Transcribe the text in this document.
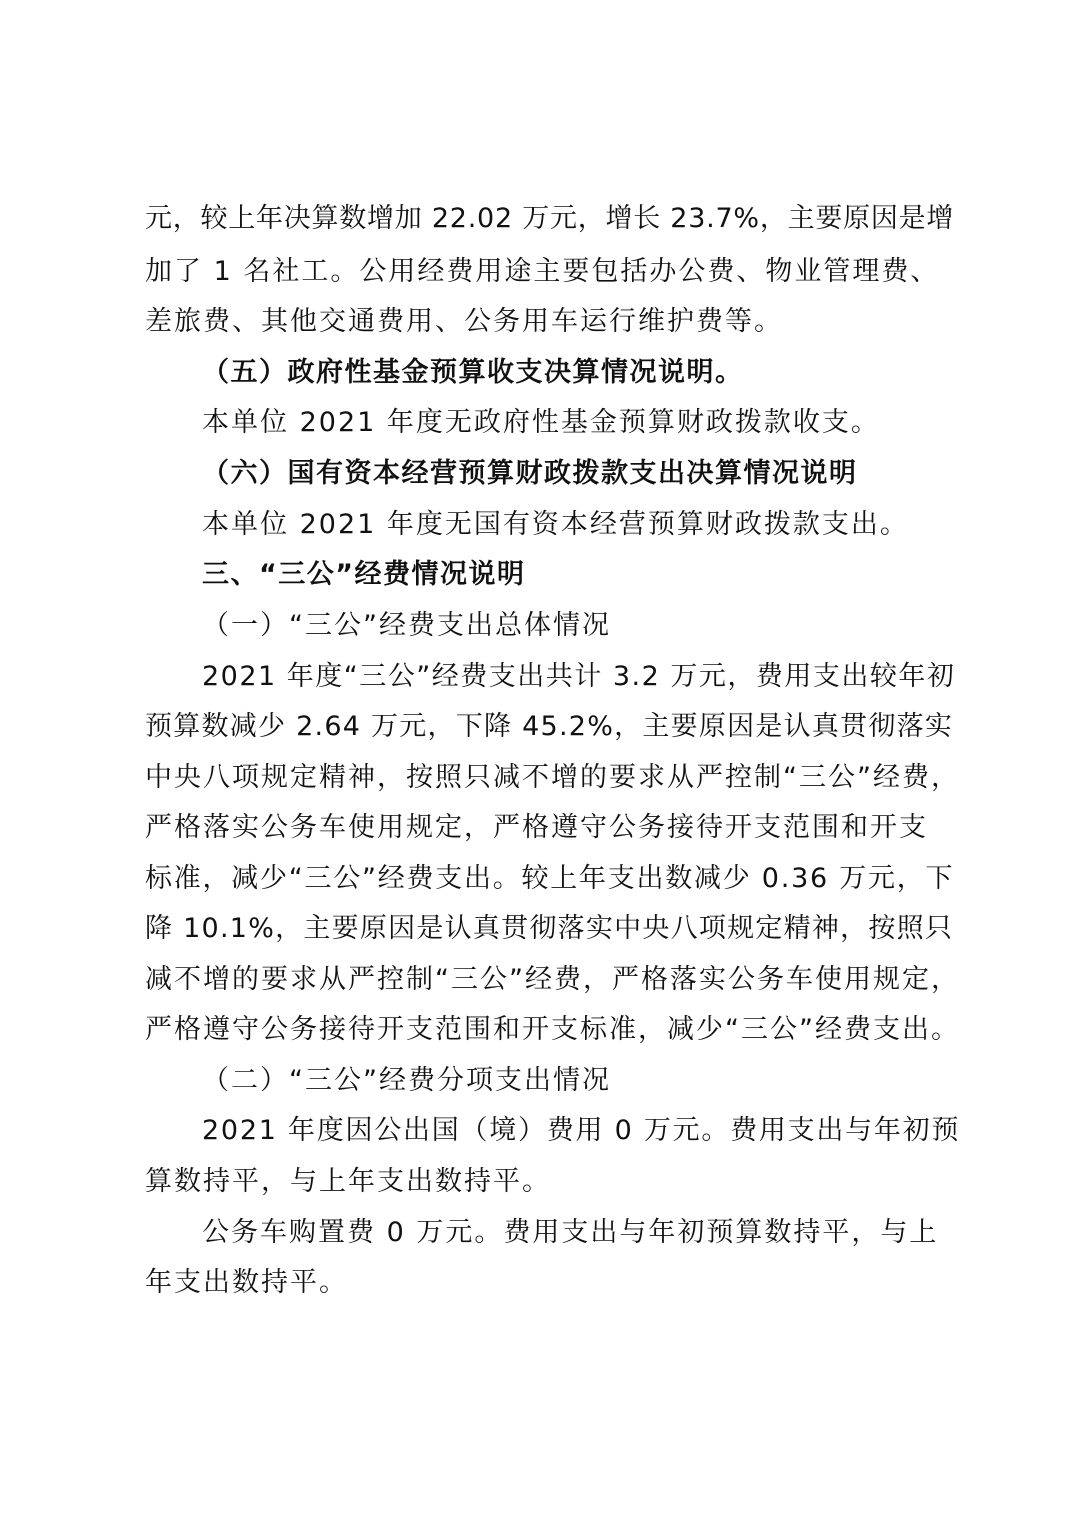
元，较上年决算数增加 22.02 万元，增长 23.7%，主要原因是增
加了 1 名社工。公用经费用途主要包括办公费、物业管理费、
差旅费、其他交通费用、公务用车运行维护费等。
（五）政府性基金预算收支决算情况说明。
本单位 2021 年度无政府性基金预算财政拨款收支。
（六）国有资本经营预算财政拨款支出决算情况说明
本单位 2021 年度无国有资本经营预算财政拨款支出。
三、“三公”经费情况说明
（一）“三公”经费支出总体情况
2021 年度“三公”经费支出共计 3.2 万元，费用支出较年初
预算数减少 2.64 万元，下降 45.2%，主要原因是认真贯彻落实
中央八项规定精神，按照只减不增的要求从严控制“三公”经费，
严格落实公务车使用规定，严格遵守公务接待开支范围和开支
标准，减少“三公”经费支出。较上年支出数减少 0.36 万元，下
降 10.1%，主要原因是认真贯彻落实中央八项规定精神，按照只
减不增的要求从严控制“三公”经费，严格落实公务车使用规定，
严格遵守公务接待开支范围和开支标准，减少“三公”经费支出。
（二）“三公”经费分项支出情况
2021 年度因公出国（境）费用 0 万元。费用支出与年初预
算数持平，与上年支出数持平。
公务车购置费 0 万元。费用支出与年初预算数持平，与上
年支出数持平。
